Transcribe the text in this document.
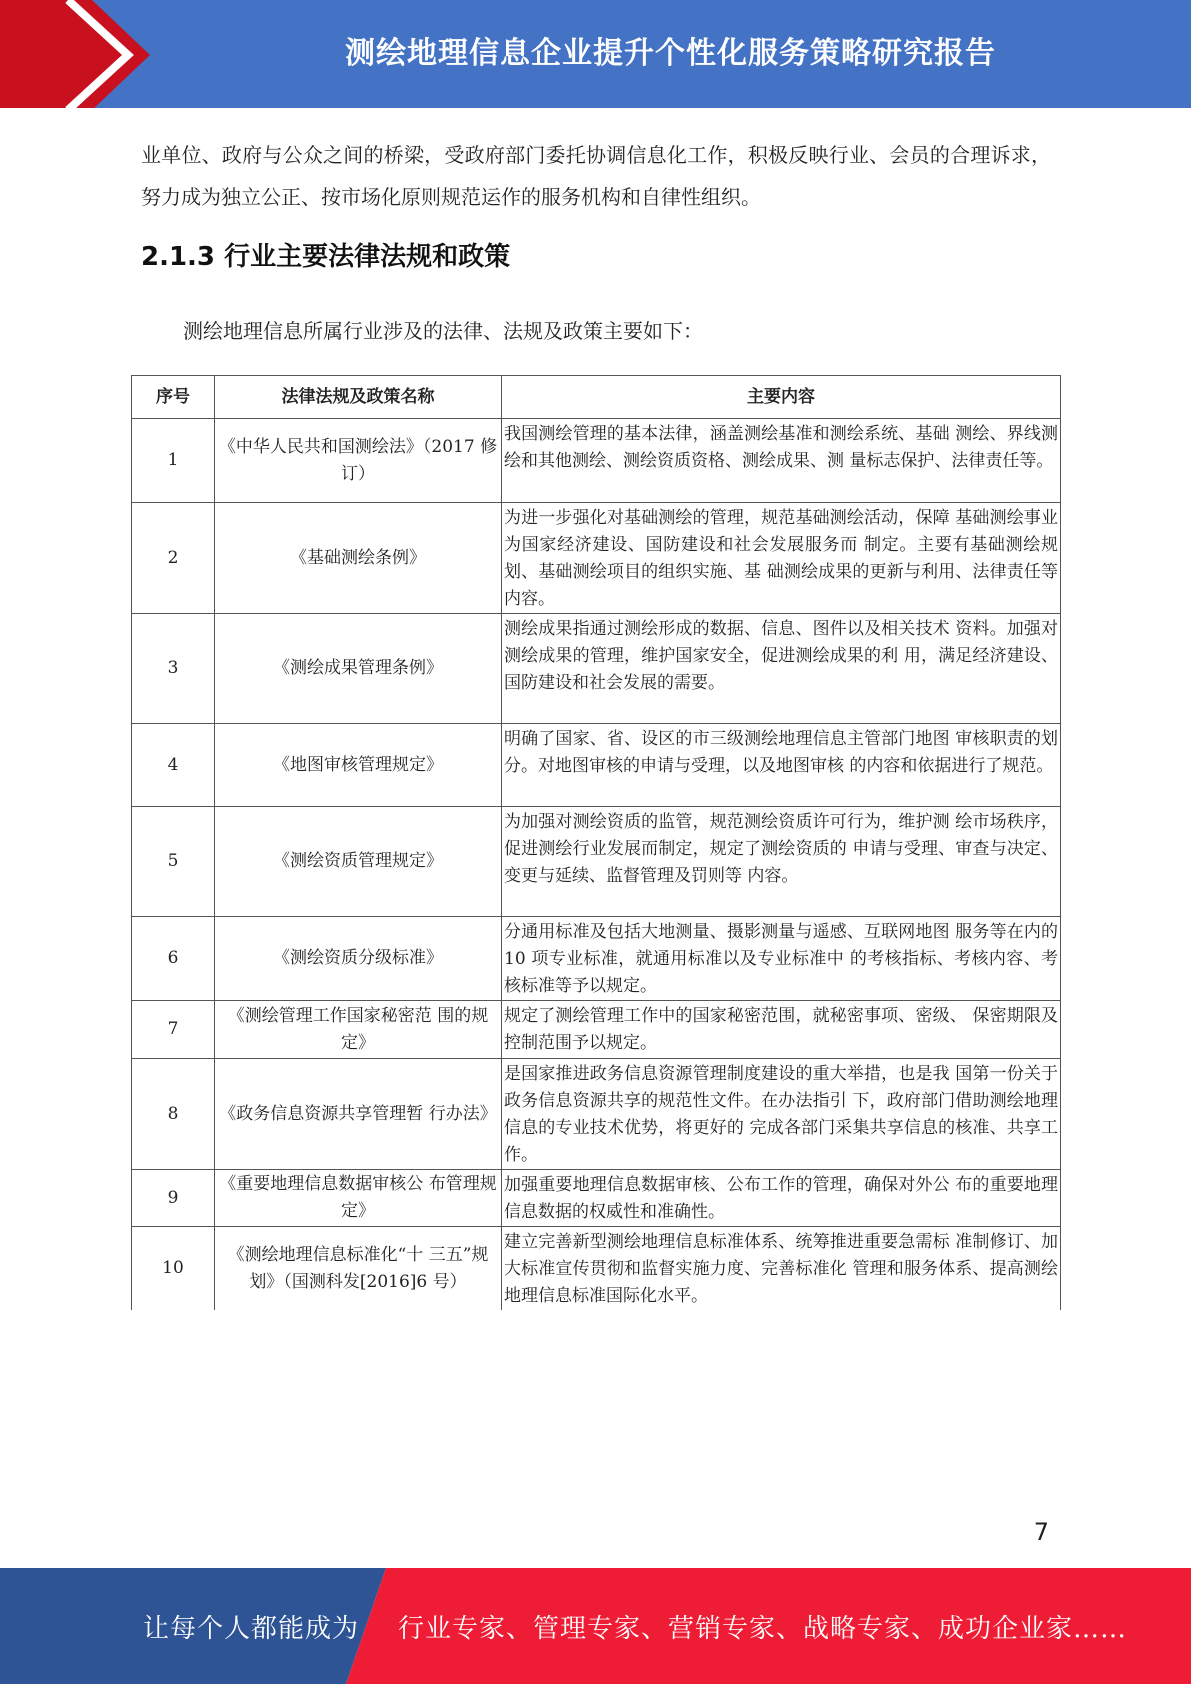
测绘地理信息企业提升个性化服务策略研究报告

业单位、政府与公众之间的桥梁，受政府部门委托协调信息化工作，积极反映行业、会员的合理诉求，努力成为独立公正、按市场化原则规范运作的服务机构和自律性组织。

2.1.3 行业主要法律法规和政策

测绘地理信息所属行业涉及的法律、法规及政策主要如下：

序号	法律法规及政策名称	主要内容
1	《中华人民共和国测绘法》（2017 修订）	我国测绘管理的基本法律，涵盖测绘基准和测绘系统、基础 测绘、界线测绘和其他测绘、测绘资质资格、测绘成果、测 量标志保护、法律责任等。
2	《基础测绘条例》	为进一步强化对基础测绘的管理，规范基础测绘活动，保障 基础测绘事业为国家经济建设、国防建设和社会发展服务而 制定。主要有基础测绘规划、基础测绘项目的组织实施、基 础测绘成果的更新与利用、法律责任等内容。
3	《测绘成果管理条例》	测绘成果指通过测绘形成的数据、信息、图件以及相关技术 资料。加强对测绘成果的管理，维护国家安全，促进测绘成果的利 用，满足经济建设、国防建设和社会发展的需要。
4	《地图审核管理规定》	明确了国家、省、设区的市三级测绘地理信息主管部门地图 审核职责的划分。对地图审核的申请与受理，以及地图审核 的内容和依据进行了规范。
5	《测绘资质管理规定》	为加强对测绘资质的监管，规范测绘资质许可行为，维护测 绘市场秩序，促进测绘行业发展而制定，规定了测绘资质的 申请与受理、审查与决定、变更与延续、监督管理及罚则等 内容。
6	《测绘资质分级标准》	分通用标准及包括大地测量、摄影测量与遥感、互联网地图 服务等在内的 10 项专业标准，就通用标准以及专业标准中 的考核指标、考核内容、考核标准等予以规定。
7	《测绘管理工作国家秘密范 围的规定》	规定了测绘管理工作中的国家秘密范围，就秘密事项、密级、 保密期限及控制范围予以规定。
8	《政务信息资源共享管理暂 行办法》	是国家推进政务信息资源管理制度建设的重大举措，也是我 国第一份关于政务信息资源共享的规范性文件。在办法指引 下，政府部门借助测绘地理信息的专业技术优势，将更好的 完成各部门采集共享信息的核准、共享工作。
9	《重要地理信息数据审核公 布管理规定》	加强重要地理信息数据审核、公布工作的管理，确保对外公 布的重要地理信息数据的权威性和准确性。
10	《测绘地理信息标准化“十 三五”规划》（国测科发[2016]6 号）	建立完善新型测绘地理信息标准体系、统筹推进重要急需标 准制修订、加大标准宣传贯彻和监督实施力度、完善标准化 管理和服务体系、提高测绘地理信息标准国际化水平。
7
让每个人都能成为 行业专家、管理专家、营销专家、战略专家、成功企业家……
